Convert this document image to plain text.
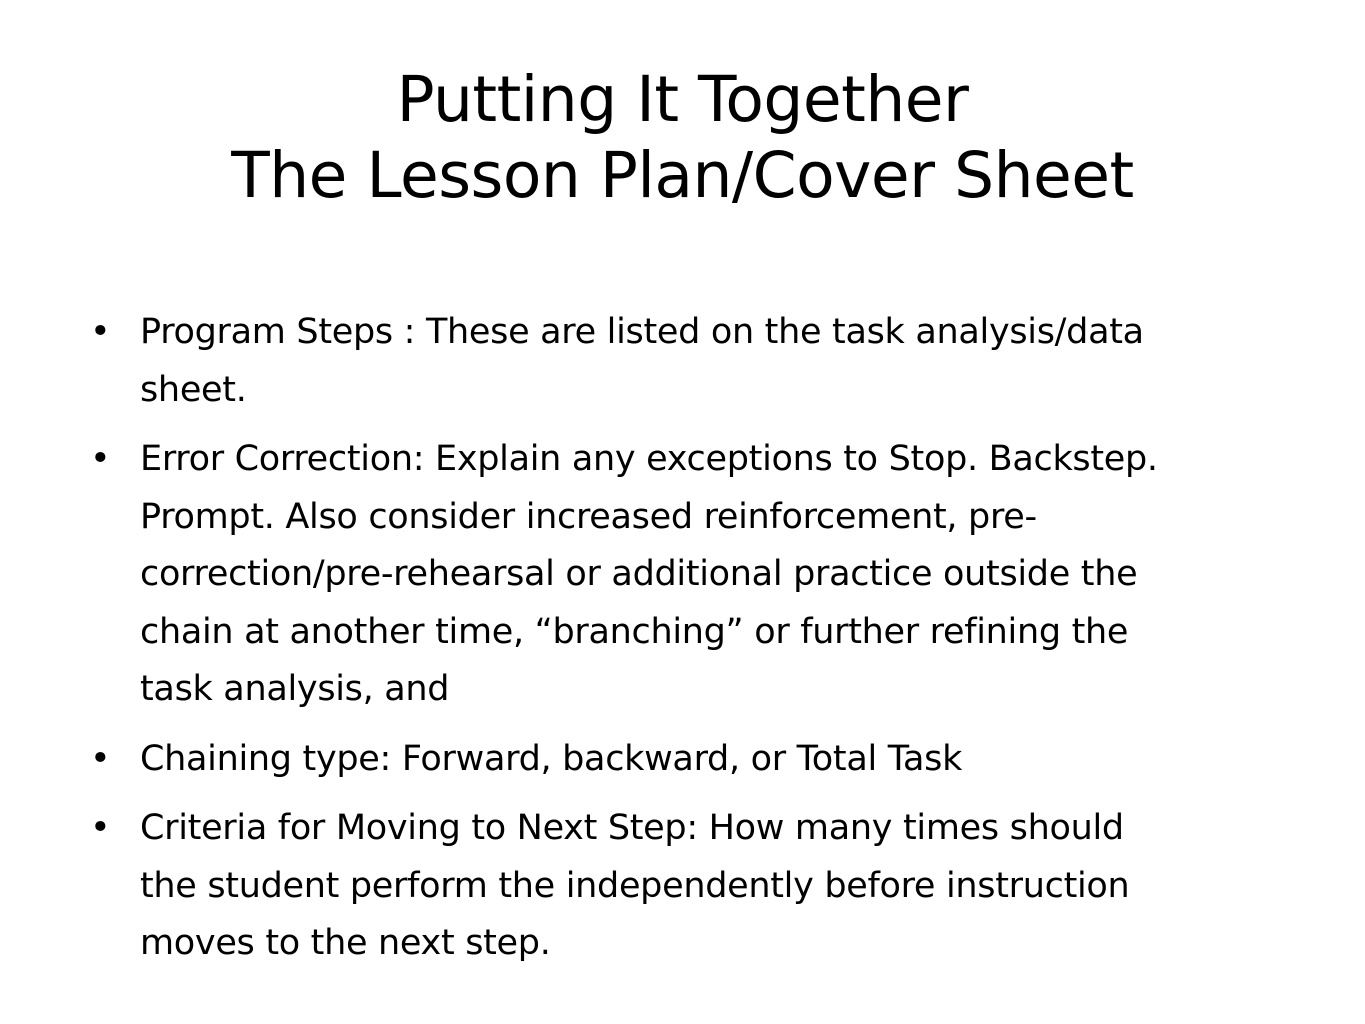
Putting It Together
The Lesson Plan/Cover Sheet
• Program Steps : These are listed on the task analysis/data
sheet.
• Error Correction: Explain any exceptions to Stop. Backstep.
Prompt. Also consider increased reinforcement, pre-
correction/pre-rehearsal or additional practice outside the
chain at another time, “branching” or further refining the
task analysis, and
• Chaining type: Forward, backward, or Total Task
• Criteria for Moving to Next Step: How many times should
the student perform the independently before instruction
moves to the next step.
